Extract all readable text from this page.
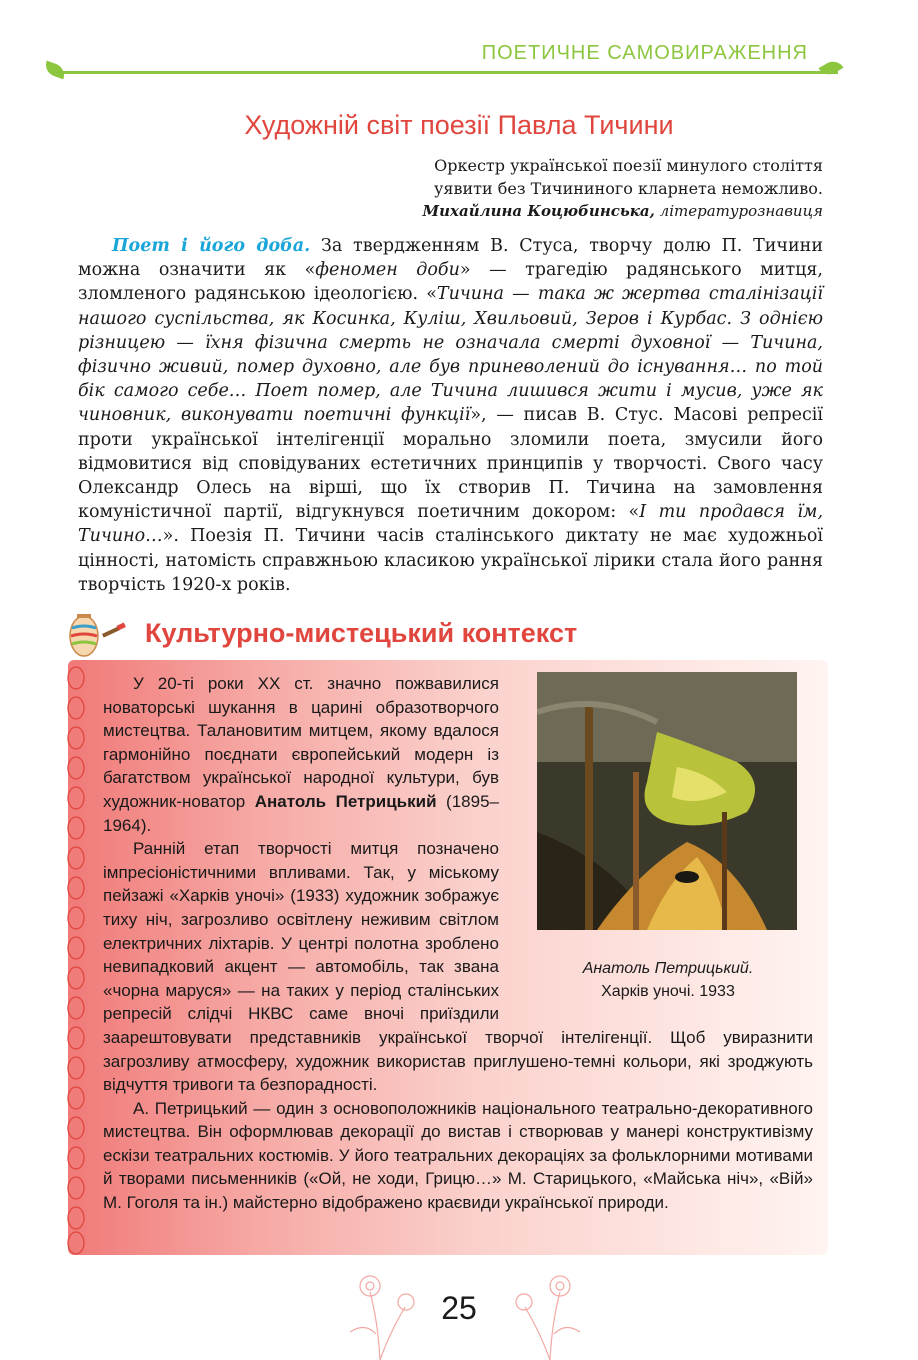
ПОЕТИЧНЕ САМОВИРАЖЕННЯ
Художній світ поезії Павла Тичини
Оркестр української поезії минулого століття
уявити без Тичининого кларнета неможливо.
Михайлина Коцюбинська, літературознавиця

Поет і його доба. За твердженням В. Стуса, творчу долю П. Тичини можна означити як «феномен доби» — трагедію радянського митця, зломленого радянською ідеологією. «Тичина — така ж жертва сталінізації нашого суспільства, як Косинка, Куліш, Хвильовий, Зеров і Курбас. З однією різницею — їхня фізична смерть не означала смерті духовної — Тичина, фізично живий, помер духовно, але був приневолений до існування… по той бік самого себе… Поет помер, але Тичина лишився жити і мусив, уже як чиновник, виконувати поетичні функції», — писав В. Стус. Масові репресії проти української інтелігенції морально зломили поета, змусили його відмовитися від сповідуваних естетичних принципів у творчості. Свого часу Олександр Олесь на вірші, що їх створив П. Тичина на замовлення комуністичної партії, відгукнувся поетичним докором: «І ти продався їм, Тичино…». Поезія П. Тичини часів сталінського диктату не має художньої цінності, натомість справжньою класикою української лірики стала його рання творчість 1920-х років.

Культурно-мистецький контекст
Анатоль Петрицький.
Харків уночі. 1933

У 20-ті роки XX ст. значно пожвавилися новаторські шукання в царині образотворчого мистецтва. Талановитим митцем, якому вдалося гармонійно поєднати європейський модерн із багатством української народної культури, був художник-новатор Анатоль Петрицький (1895–1964).

Ранній етап творчості митця позначено імпресіоністичними впливами. Так, у міському пейзажі «Харків уночі» (1933) художник зображує тиху ніч, загрозливо освітлену неживим світлом електричних ліхтарів. У центрі полотна зроблено невипадковий акцент — автомобіль, так звана «чорна маруся» — на таких у період сталінських репресій слідчі НКВС саме вночі приїздили заарештовувати представників української творчої інтелігенції. Щоб увиразнити загрозливу атмосферу, художник використав приглушено-темні кольори, які зроджують відчуття тривоги та безпорадності.

А. Петрицький — один з основоположників національного театрально-декоративного мистецтва. Він оформлював декорації до вистав і створював у манері конструктивізму ескізи театральних костюмів. У його театральних декораціях за фольклорними мотивами й творами письменників («Ой, не ходи, Грицю…» М. Старицького, «Майська ніч», «Вій» М. Гоголя та ін.) майстерно відображено краєвиди української природи.

25
